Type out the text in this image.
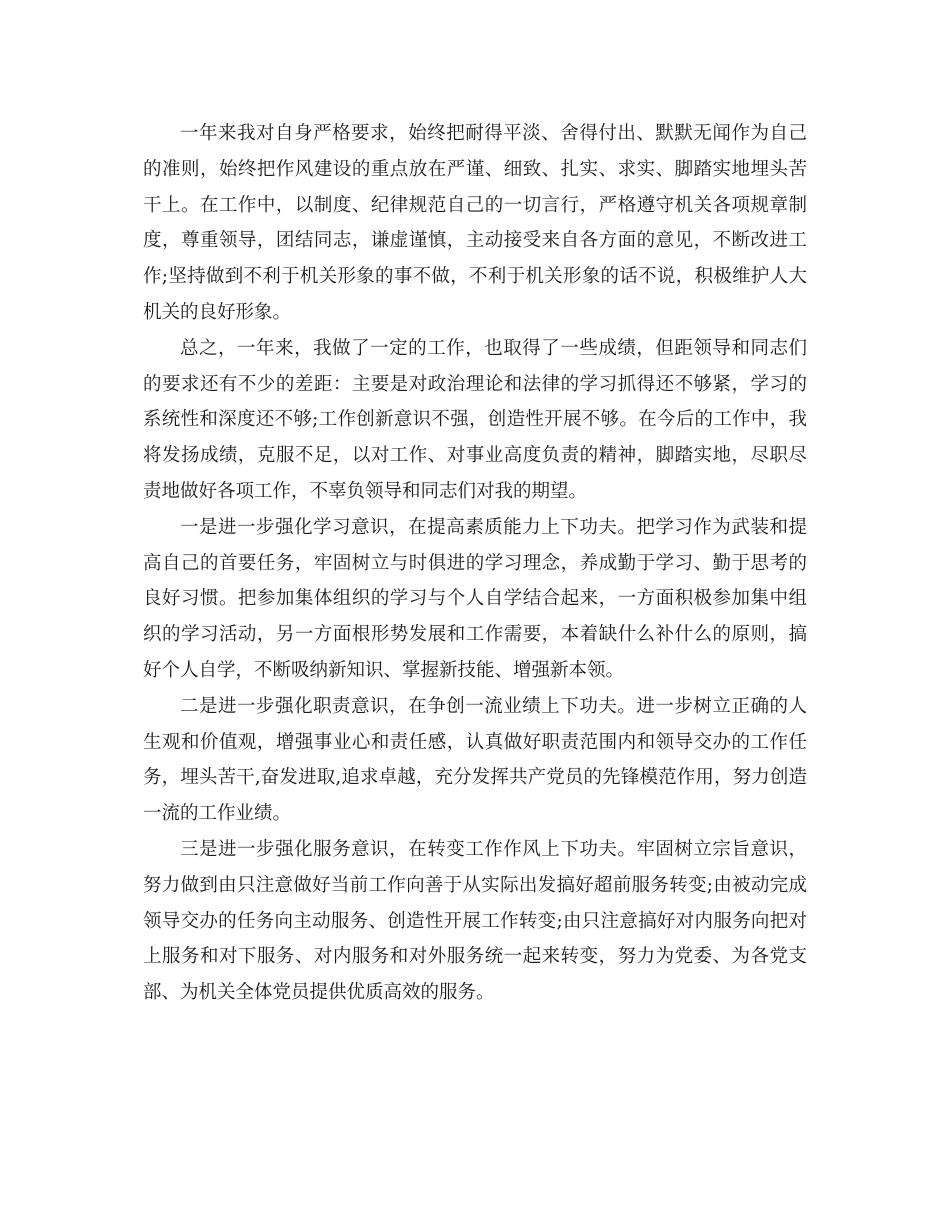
一年来我对自身严格要求，始终把耐得平淡、舍得付出、默默无闻作为自己的准则，始终把作风建设的重点放在严谨、细致、扎实、求实、脚踏实地埋头苦干上。在工作中，以制度、纪律规范自己的一切言行，严格遵守机关各项规章制度，尊重领导，团结同志，谦虚谨慎，主动接受来自各方面的意见，不断改进工作;坚持做到不利于机关形象的事不做，不利于机关形象的话不说，积极维护人大机关的良好形象。

总之，一年来，我做了一定的工作，也取得了一些成绩，但距领导和同志们的要求还有不少的差距：主要是对政治理论和法律的学习抓得还不够紧，学习的系统性和深度还不够;工作创新意识不强，创造性开展不够。在今后的工作中，我将发扬成绩，克服不足，以对工作、对事业高度负责的精神，脚踏实地，尽职尽责地做好各项工作，不辜负领导和同志们对我的期望。

一是进一步强化学习意识，在提高素质能力上下功夫。把学习作为武装和提高自己的首要任务，牢固树立与时俱进的学习理念，养成勤于学习、勤于思考的良好习惯。把参加集体组织的学习与个人自学结合起来，一方面积极参加集中组织的学习活动，另一方面根形势发展和工作需要，本着缺什么补什么的原则，搞好个人自学，不断吸纳新知识、掌握新技能、增强新本领。

二是进一步强化职责意识，在争创一流业绩上下功夫。进一步树立正确的人生观和价值观，增强事业心和责任感，认真做好职责范围内和领导交办的工作任务，埋头苦干,奋发进取,追求卓越，充分发挥共产党员的先锋模范作用，努力创造一流的工作业绩。

三是进一步强化服务意识，在转变工作作风上下功夫。牢固树立宗旨意识，努力做到由只注意做好当前工作向善于从实际出发搞好超前服务转变;由被动完成领导交办的任务向主动服务、创造性开展工作转变;由只注意搞好对内服务向把对上服务和对下服务、对内服务和对外服务统一起来转变，努力为党委、为各党支部、为机关全体党员提供优质高效的服务。
